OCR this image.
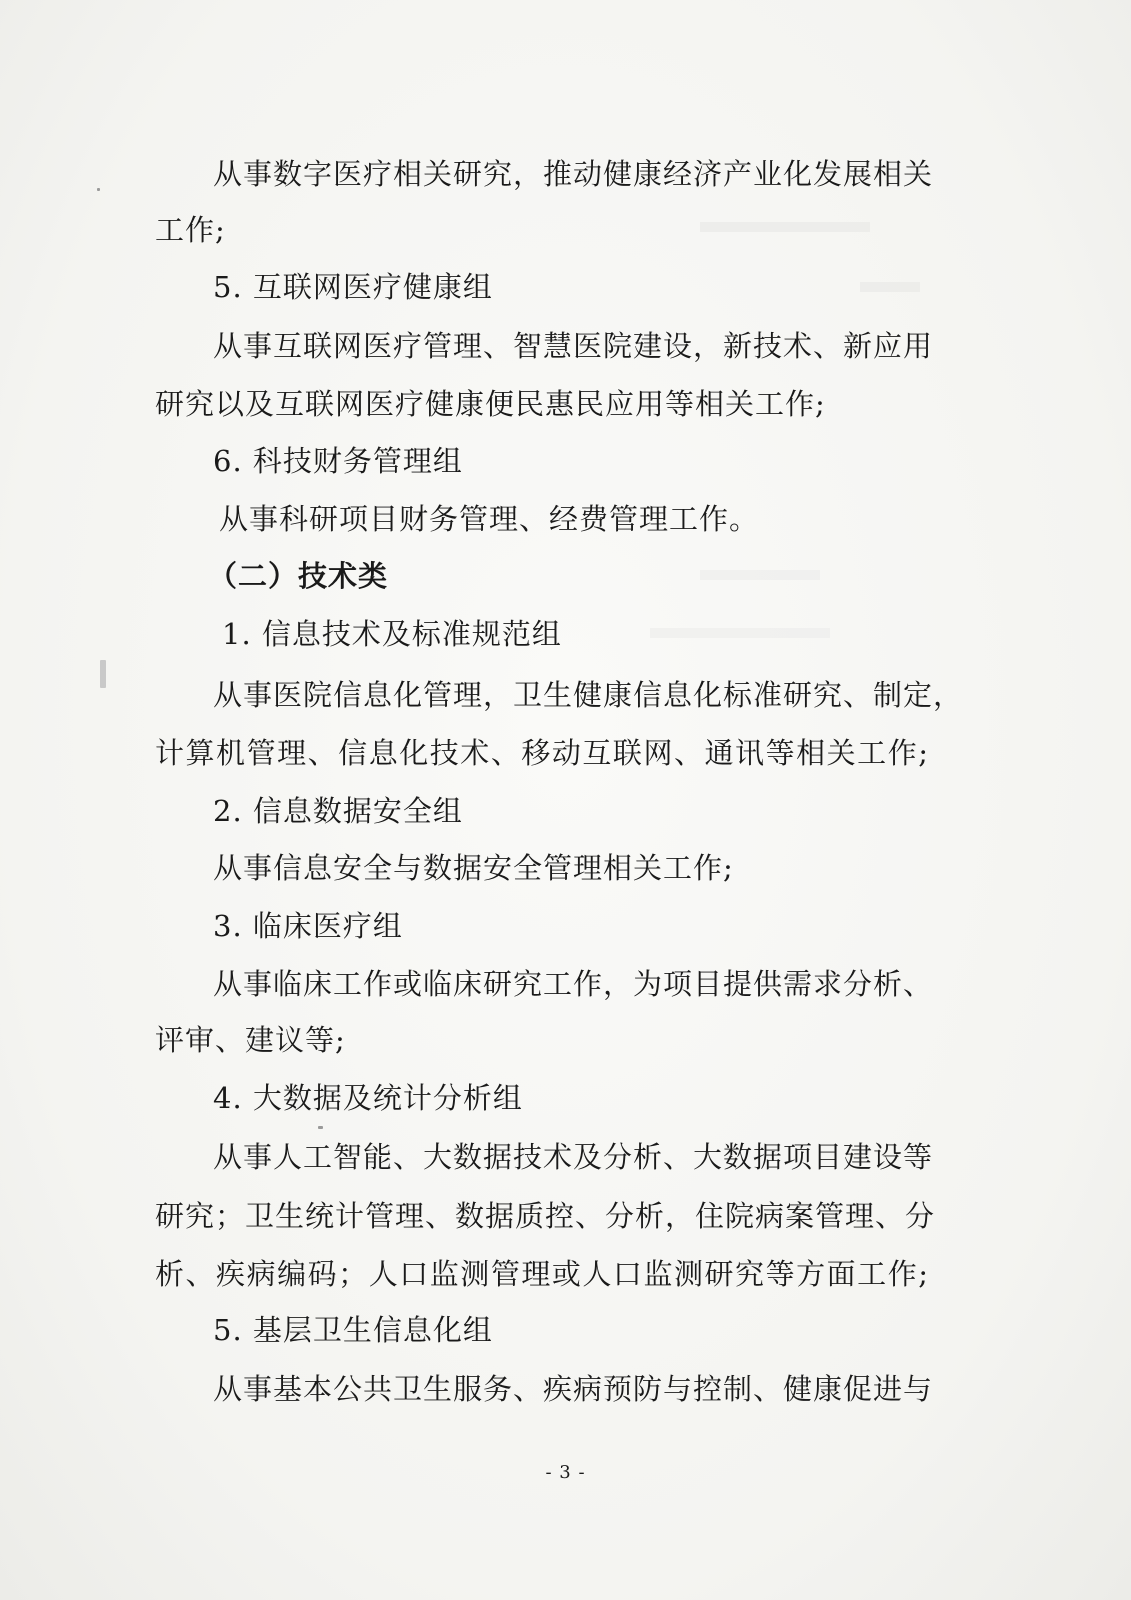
从事数字医疗相关研究，推动健康经济产业化发展相关
工作;
5. 互联网医疗健康组
从事互联网医疗管理、智慧医院建设，新技术、新应用
研究以及互联网医疗健康便民惠民应用等相关工作;
6. 科技财务管理组
从事科研项目财务管理、经费管理工作。
（二）技术类
1. 信息技术及标准规范组
从事医院信息化管理，卫生健康信息化标准研究、制定，
计算机管理、信息化技术、移动互联网、通讯等相关工作;
2. 信息数据安全组
从事信息安全与数据安全管理相关工作;
3. 临床医疗组
从事临床工作或临床研究工作，为项目提供需求分析、
评审、建议等;
4. 大数据及统计分析组
从事人工智能、大数据技术及分析、大数据项目建设等
研究；卫生统计管理、数据质控、分析，住院病案管理、分
析、疾病编码；人口监测管理或人口监测研究等方面工作;
5. 基层卫生信息化组
从事基本公共卫生服务、疾病预防与控制、健康促进与
- 3 -
